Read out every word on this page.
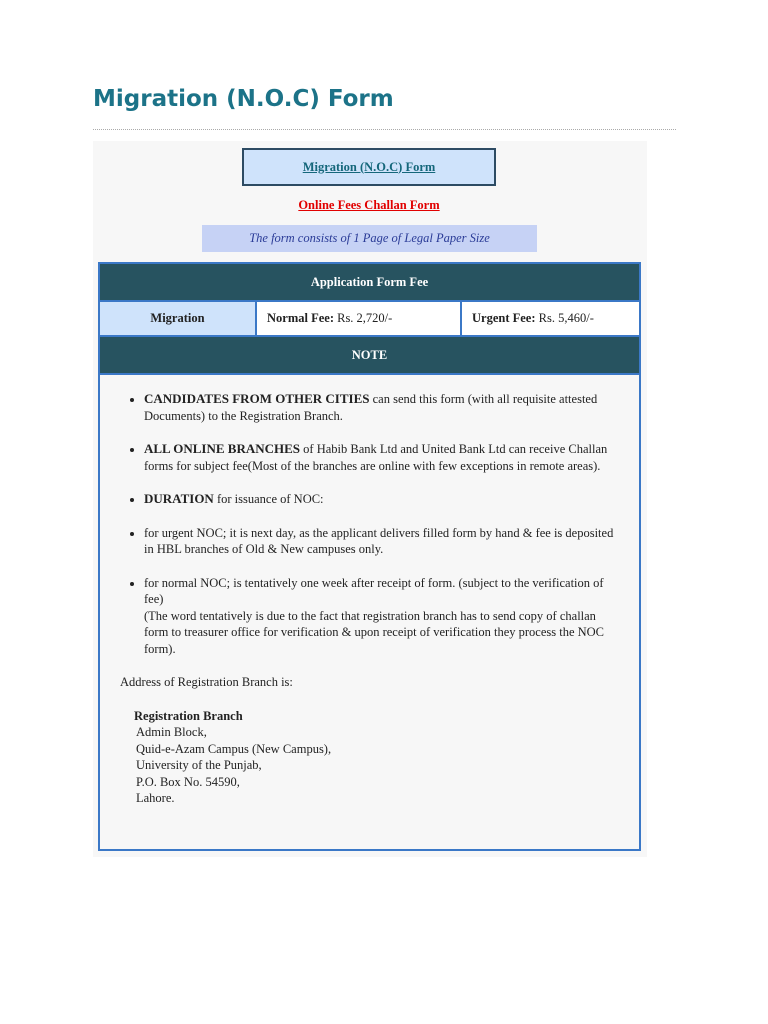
Migration (N.O.C) Form
Migration (N.O.C) Form
Online Fees Challan Form
The form consists of 1 Page of Legal Paper Size
Application Form Fee
Migration	Normal Fee: Rs. 2,720/-	Urgent Fee: Rs. 5,460/-
NOTE

• CANDIDATES FROM OTHER CITIES can send this form (with all requisite attested Documents) to the Registration Branch.
• ALL ONLINE BRANCHES of Habib Bank Ltd and United Bank Ltd can receive Challan forms for subject fee(Most of the branches are online with few exceptions in remote areas).
• DURATION for issuance of NOC:
• for urgent NOC; it is next day, as the applicant delivers filled form by hand & fee is deposited in HBL branches of Old & New campuses only.
• for normal NOC; is tentatively one week after receipt of form. (subject to the verification of fee)
(The word tentatively is due to the fact that registration branch has to send copy of challan form to treasurer office for verification & upon receipt of verification they process the NOC form).

Address of Registration Branch is:

Registration Branch
Admin Block,
Quid-e-Azam Campus (New Campus),
University of the Punjab,
P.O. Box No. 54590,
Lahore.
